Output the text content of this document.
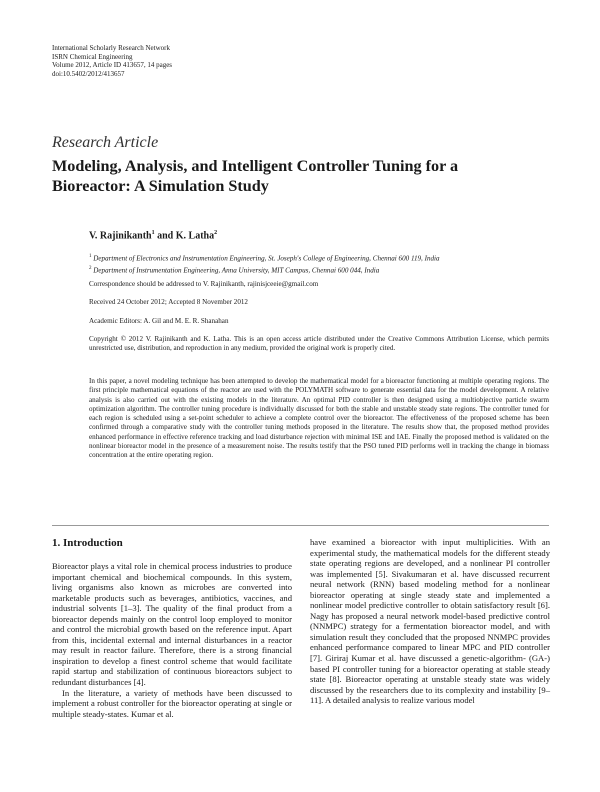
International Scholarly Research Network
ISRN Chemical Engineering
Volume 2012, Article ID 413657, 14 pages
doi:10.5402/2012/413657
Research Article
Modeling, Analysis, and Intelligent Controller Tuning for a Bioreactor: A Simulation Study
V. Rajinikanth$^1$ and K. Latha$^2$
$^1$ Department of Electronics and Instrumentation Engineering, St. Joseph's College of Engineering, Chennai 600 119, India
$^2$ Department of Instrumentation Engineering, Anna University, MIT Campus, Chennai 600 044, India
Correspondence should be addressed to V. Rajinikanth, rajinisjceeie@gmail.com
Received 24 October 2012; Accepted 8 November 2012
Academic Editors: A. Gil and M. E. R. Shanahan
Copyright © 2012 V. Rajinikanth and K. Latha. This is an open access article distributed under the Creative Commons Attribution License, which permits unrestricted use, distribution, and reproduction in any medium, provided the original work is properly cited.
In this paper, a novel modeling technique has been attempted to develop the mathematical model for a bioreactor functioning at multiple operating regions. The first principle mathematical equations of the reactor are used with the POLYMATH software to generate essential data for the model development. A relative analysis is also carried out with the existing models in the literature. An optimal PID controller is then designed using a multiobjective particle swarm optimization algorithm. The controller tuning procedure is individually discussed for both the stable and unstable steady state regions. The controller tuned for each region is scheduled using a set-point scheduler to achieve a complete control over the bioreactor. The effectiveness of the proposed scheme has been confirmed through a comparative study with the controller tuning methods proposed in the literature. The results show that, the proposed method provides enhanced performance in effective reference tracking and load disturbance rejection with minimal ISE and IAE. Finally the proposed method is validated on the nonlinear bioreactor model in the presence of a measurement noise. The results testify that the PSO tuned PID performs well in tracking the change in biomass concentration at the entire operating region.
1. Introduction

Bioreactor plays a vital role in chemical process industries to produce important chemical and biochemical compounds. In this system, living organisms also known as microbes are converted into marketable products such as beverages, antibiotics, vaccines, and industrial solvents [1–3]. The quality of the final product from a bioreactor depends mainly on the control loop employed to monitor and control the microbial growth based on the reference input. Apart from this, incidental external and internal disturbances in a reactor may result in reactor failure. Therefore, there is a strong financial inspiration to develop a finest control scheme that would facilitate rapid startup and stabilization of continuous bioreactors subject to redundant disturbances [4].

In the literature, a variety of methods have been discussed to implement a robust controller for the bioreactor operating at single or multiple steady-states. Kumar et al.

have examined a bioreactor with input multiplicities. With an experimental study, the mathematical models for the different steady state operating regions are developed, and a nonlinear PI controller was implemented [5]. Sivakumaran et al. have discussed recurrent neural network (RNN) based modeling method for a nonlinear bioreactor operating at single steady state and implemented a nonlinear model predictive controller to obtain satisfactory result [6]. Nagy has proposed a neural network model-based predictive control (NNMPC) strategy for a fermentation bioreactor model, and with simulation result they concluded that the proposed NNMPC provides enhanced performance compared to linear MPC and PID controller [7]. Giriraj Kumar et al. have discussed a genetic-algorithm- (GA-) based PI controller tuning for a bioreactor operating at stable steady state [8]. Bioreactor operating at unstable steady state was widely discussed by the researchers due to its complexity and instability [9–11]. A detailed analysis to realize various model
